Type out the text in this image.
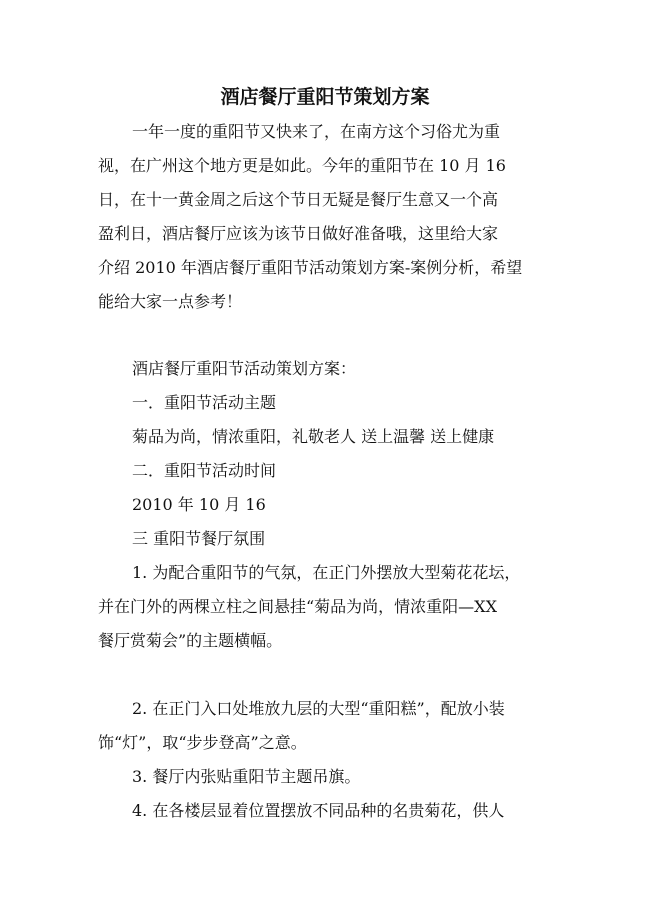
酒店餐厅重阳节策划方案

一年一度的重阳节又快来了，在南方这个习俗尤为重

视，在广州这个地方更是如此。今年的重阳节在 10 月 16

日，在十一黄金周之后这个节日无疑是餐厅生意又一个高

盈利日，酒店餐厅应该为该节日做好准备哦，这里给大家

介绍 2010 年酒店餐厅重阳节活动策划方案-案例分析，希望

能给大家一点参考！

酒店餐厅重阳节活动策划方案：

一．重阳节活动主题

菊品为尚，情浓重阳，礼敬老人 送上温馨 送上健康

二．重阳节活动时间

2010 年 10 月 16

三 重阳节餐厅氛围

1. 为配合重阳节的气氛，在正门外摆放大型菊花花坛，

并在门外的两棵立柱之间悬挂“菊品为尚，情浓重阳—XX

餐厅赏菊会”的主题横幅。

2. 在正门入口处堆放九层的大型“重阳糕”，配放小装

饰“灯”，取“步步登高”之意。

3. 餐厅内张贴重阳节主题吊旗。

4. 在各楼层显着位置摆放不同品种的名贵菊花，供人
